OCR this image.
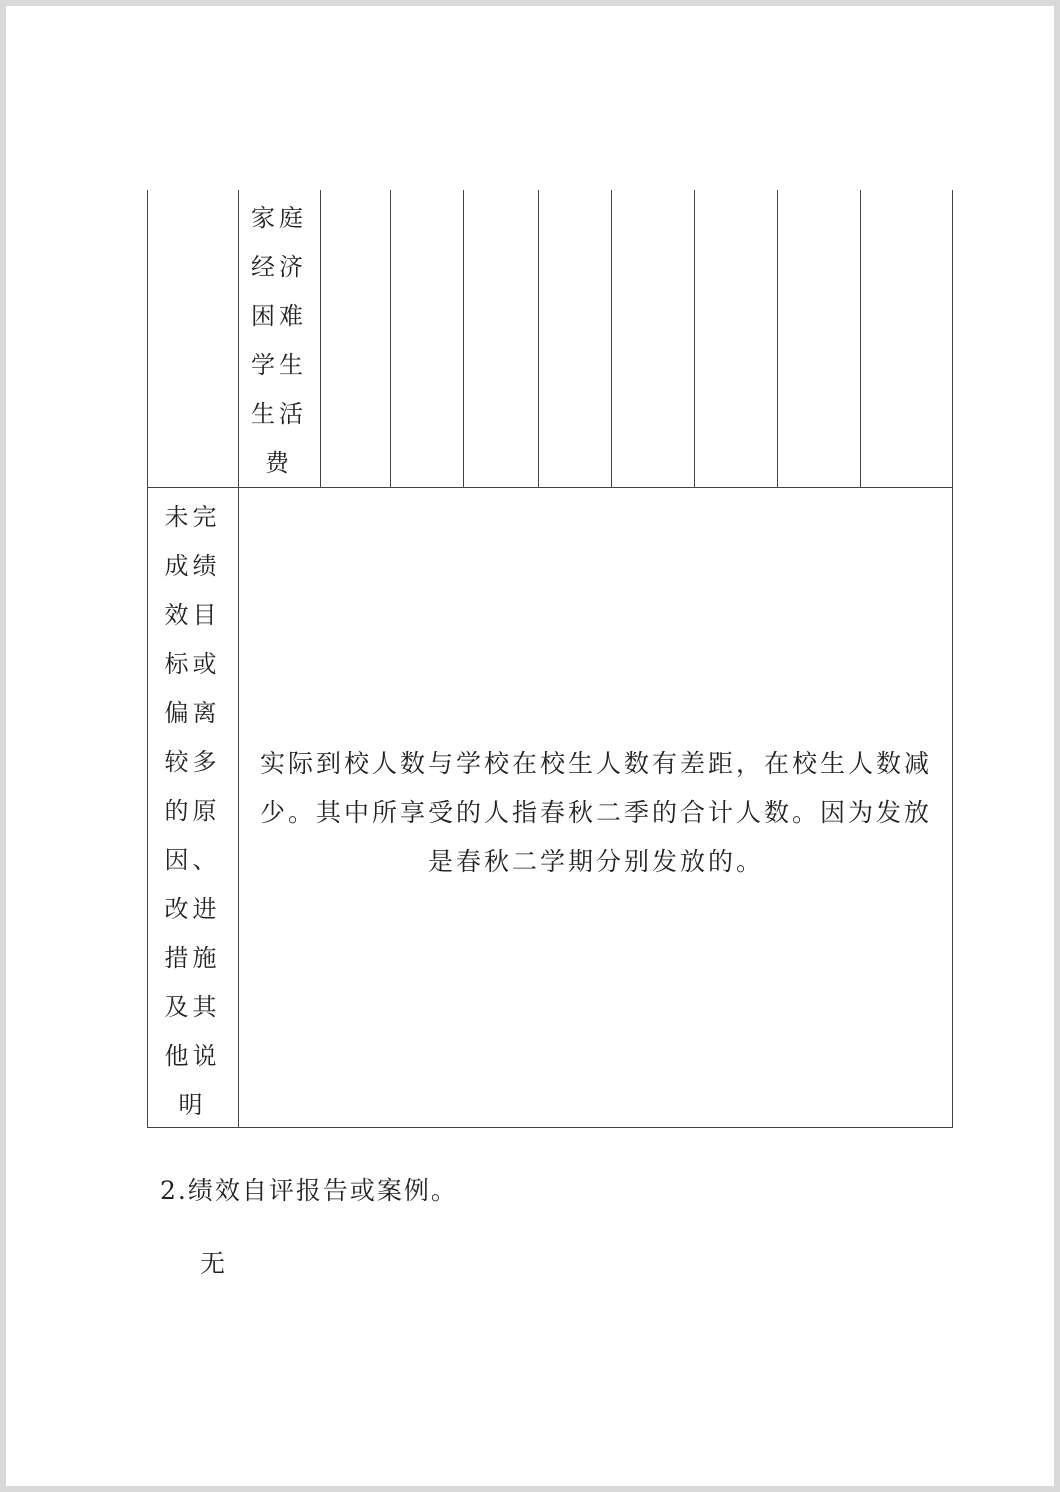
家庭
经济
困难
学生
生活
费
未完
成绩
效目
标或
偏离
较多
的原
因、
改进
措施
及其
他说
明

实际到校人数与学校在校生人数有差距，在校生人数减

少。其中所享受的人指春秋二季的合计人数。因为发放

是春秋二学期分别发放的。

2.绩效自评报告或案例。
无
